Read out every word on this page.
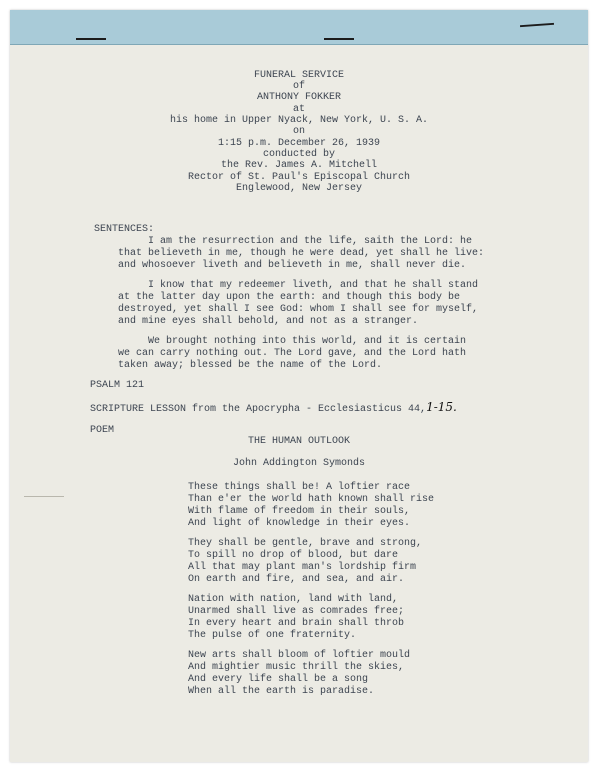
FUNERAL SERVICE
of
ANTHONY FOKKER
at
his home in Upper Nyack, New York, U. S. A.
on
1:15 p.m. December 26, 1939
conducted by
the Rev. James A. Mitchell
Rector of St. Paul's Episcopal Church
Englewood, New Jersey
SENTENCES:
I am the resurrection and the life, saith the Lord: he
that believeth in me, though he were dead, yet shall he live:
and whosoever liveth and believeth in me, shall never die.
I know that my redeemer liveth, and that he shall stand
at the latter day upon the earth: and though this body be
destroyed, yet shall I see God: whom I shall see for myself,
and mine eyes shall behold, and not as a stranger.
We brought nothing into this world, and it is certain
we can carry nothing out. The Lord gave, and the Lord hath
taken away; blessed be the name of the Lord.
PSALM 121
SCRIPTURE LESSON from the Apocrypha - Ecclesiasticus 44,1-15.
POEM
THE HUMAN OUTLOOK
John Addington Symonds
These things shall be! A loftier race
Than e'er the world hath known shall rise
With flame of freedom in their souls,
And light of knowledge in their eyes.
They shall be gentle, brave and strong,
To spill no drop of blood, but dare
All that may plant man's lordship firm
On earth and fire, and sea, and air.
Nation with nation, land with land,
Unarmed shall live as comrades free;
In every heart and brain shall throb
The pulse of one fraternity.
New arts shall bloom of loftier mould
And mightier music thrill the skies,
And every life shall be a song
When all the earth is paradise.
